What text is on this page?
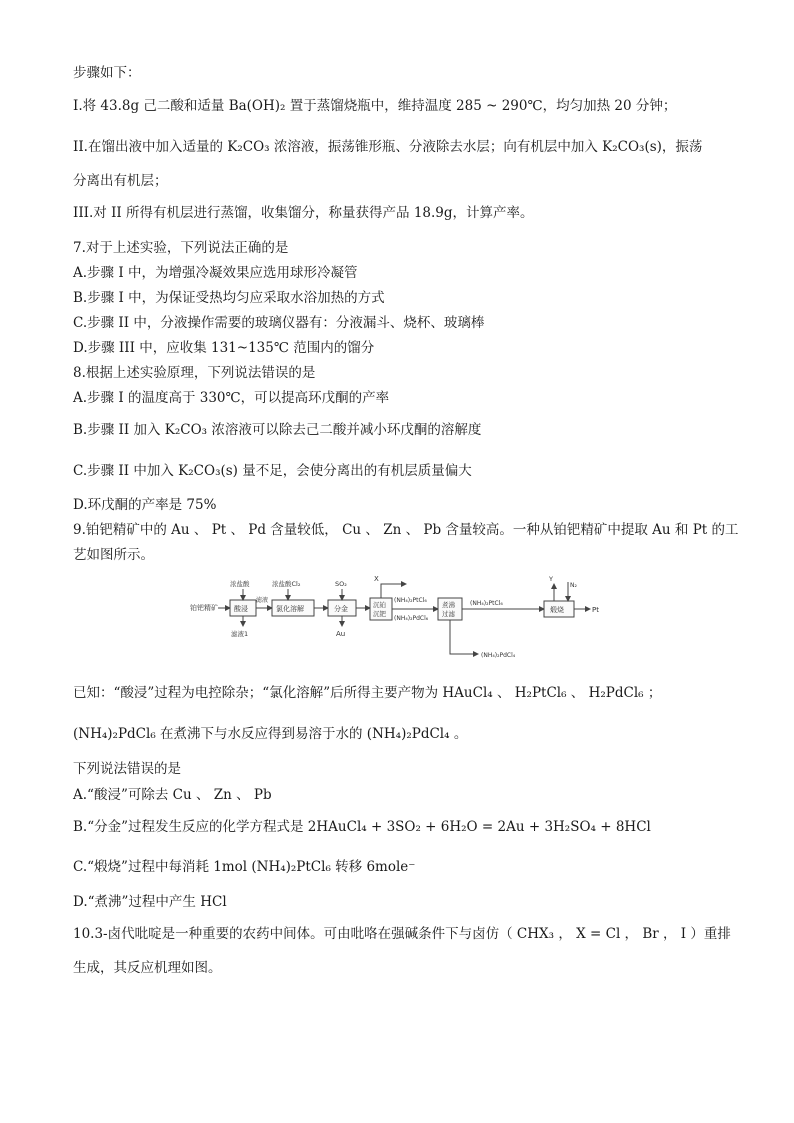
步骤如下：
I.将 43.8g 己二酸和适量 Ba(OH)₂ 置于蒸馏烧瓶中，维持温度 285 ~ 290℃，均匀加热 20 分钟；
II.在馏出液中加入适量的 K₂CO₃ 浓溶液，振荡锥形瓶、分液除去水层；向有机层中加入 K₂CO₃(s)，振荡
分离出有机层；
III.对 II 所得有机层进行蒸馏，收集馏分，称量获得产品 18.9g，计算产率。
7.对于上述实验，下列说法正确的是
A.步骤 I 中，为增强冷凝效果应选用球形冷凝管
B.步骤 I 中，为保证受热均匀应采取水浴加热的方式
C.步骤 II 中，分液操作需要的玻璃仪器有：分液漏斗、烧杯、玻璃棒
D.步骤 III 中，应收集 131~135℃ 范围内的馏分
8.根据上述实验原理，下列说法错误的是
A.步骤 I 的温度高于 330℃，可以提高环戊酮的产率
B.步骤 II 加入 K₂CO₃ 浓溶液可以除去己二酸并减小环戊酮的溶解度
C.步骤 II 中加入 K₂CO₃(s) 量不足，会使分离出的有机层质量偏大
D.环戊酮的产率是 75%
9.铂钯精矿中的 Au 、 Pt 、 Pd 含量较低， Cu 、 Zn 、 Pb 含量较高。一种从铂钯精矿中提取 Au 和 Pt 的工
艺如图所示。
铂钯精矿 酸浸
浓盐酸
滤液1
滤液
氯化溶解
浓盐酸Cl₂
分金
SO₂
Au
沉铂
沉钯
X
(NH₄)₂PtCl₆
(NH₄)₂PdCl₆
煮沸
过滤
(NH₄)₂PtCl₆
(NH₄)₂PdCl₄
煅烧
Y
N₂
Pt
已知：“酸浸”过程为电控除杂；“氯化溶解”后所得主要产物为 HAuCl₄ 、 H₂PtCl₆ 、 H₂PdCl₆ ；
(NH₄)₂PdCl₆ 在煮沸下与水反应得到易溶于水的 (NH₄)₂PdCl₄ 。
下列说法错误的是
A.“酸浸”可除去 Cu 、 Zn 、 Pb
B.“分金”过程发生反应的化学方程式是 2HAuCl₄ + 3SO₂ + 6H₂O = 2Au + 3H₂SO₄ + 8HCl
C.“煅烧”过程中每消耗 1mol (NH₄)₂PtCl₆ 转移 6mole⁻
D.“煮沸”过程中产生 HCl
10.3-卤代吡啶是一种重要的农药中间体。可由吡咯在强碱条件下与卤仿（ CHX₃ ， X = Cl ， Br ， I ）重排
生成，其反应机理如图。
